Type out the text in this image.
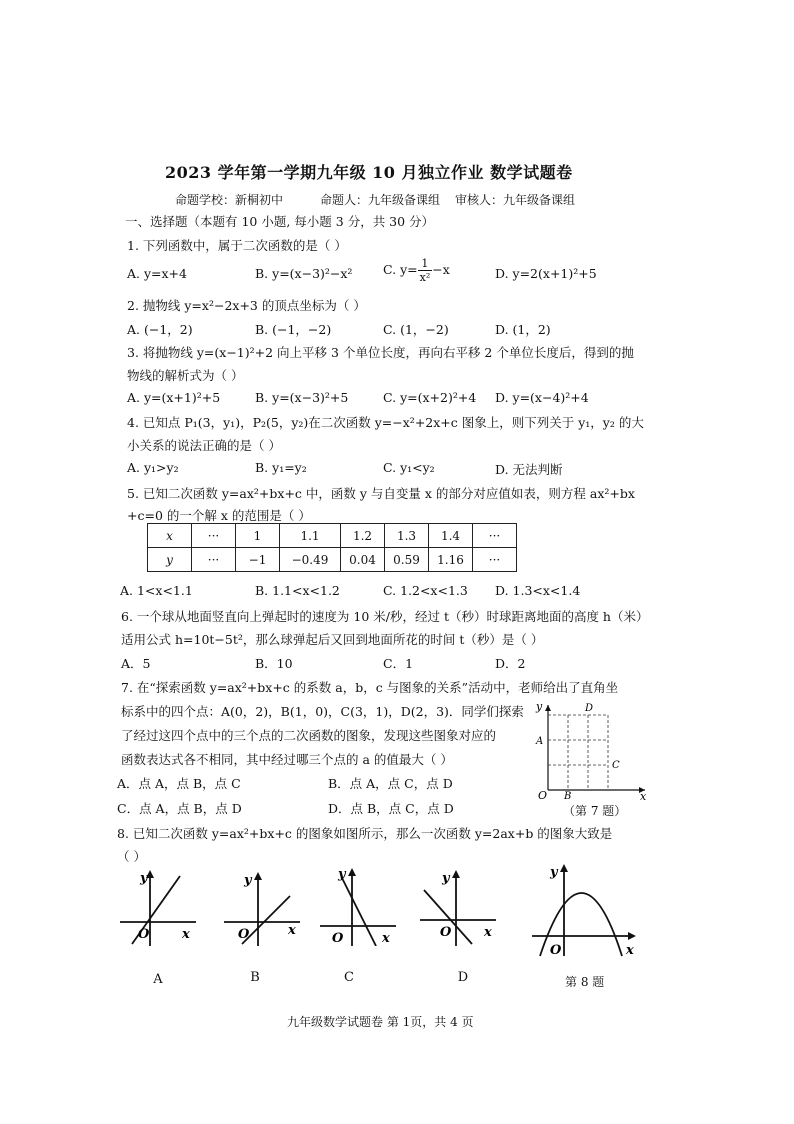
2023 学年第一学期九年级 10 月独立作业 数学试题卷
命题学校：新桐初中	命题人：九年级备课组 审核人：九年级备课组
一、选择题（本题有 10 小题, 每小题 3 分，共 30 分）
1. 下列函数中，属于二次函数的是（ ）
A. y=x+4	B. y=(x−3)²−x² C. $y= \frac{1}{\text{x²}} -x$	D. y=2(x+1)²+5
2. 抛物线 y=x²−2x+3 的顶点坐标为（ ）
A. (−1，2)	B. (−1，−2)	C. (1，−2)	D. (1，2)
3. 将抛物线 y=(x−1)²+2 向上平移 3 个单位长度，再向右平移 2 个单位长度后，得到的抛
物线的解析式为（ ）
A. y=(x+1)²+5	B. y=(x−3)²+5	C. y=(x+2)²+4 D. y=(x−4)²+4
4. 已知点 P₁(3，y₁)，P₂(5，y₂)在二次函数 y=−x²+2x+c 图象上，则下列关于 y₁，y₂ 的大
小关系的说法正确的是（ ）
A. y₁>y₂	B. y₁=y₂	C. y₁<y₂	D. 无法判断
5. 已知二次函数 y=ax²+bx+c 中，函数 y 与自变量 x 的部分对应值如表，则方程 ax²+bx
+c=0 的一个解 x 的范围是（ ）
x	···	1	1.1	1.2	1.3	1.4	···
y	···	−1	−0.49	0.04	0.59	1.16	···
A. 1<x<1.1	B. 1.1<x<1.2	C. 1.2<x<1.3 D. 1.3<x<1.4
6. 一个球从地面竖直向上弹起时的速度为 10 米/秒，经过 t（秒）时球距离地面的高度 h（米）
适用公式 h=10t−5t²，那么球弹起后又回到地面所花的时间 t（秒）是（ ）
A．5	B．10	C．1	D．2
7. 在“探索函数 y=ax²+bx+c 的系数 a，b，c 与图象的关系”活动中，老师给出了直角坐
标系中的四个点：A(0，2)，B(1，0)，C(3，1)，D(2，3)．同学们探索
了经过这四个点中的三个点的二次函数的图象，发现这些图象对应的
函数表达式各不相同，其中经过哪三个点的 a 的值最大（ ）
A．点 A，点 B，点 C	B．点 A，点 C，点 D
C．点 A，点 B，点 D	D．点 B，点 C，点 D
y
x
O
A
B
C
D
（第 7 题）
8. 已知二次函数 y=ax²+bx+c 的图象如图所示，那么一次函数 y=2ax+b 的图象大致是
（ ）
y
x
O
A
y
x
O
B
y
x
O
C
y
x
O
D
y
x
O
第 8 题
九年级数学试题卷 第 1页，共 4 页
